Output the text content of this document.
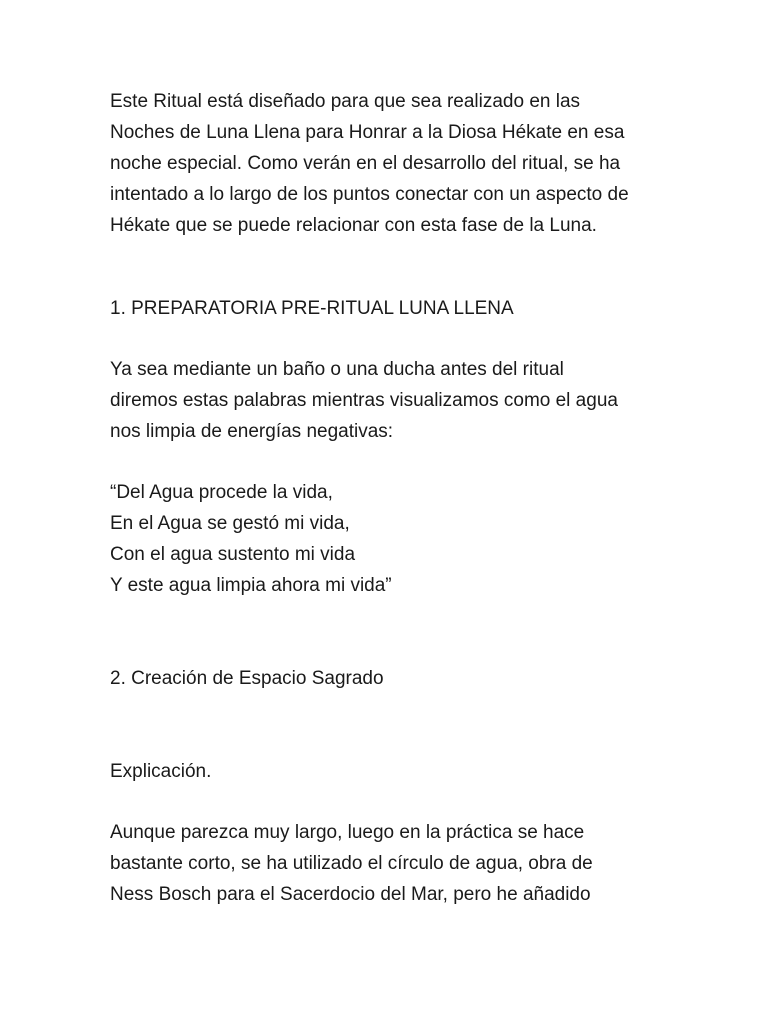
Este Ritual está diseñado para que sea realizado en las

Noches de Luna Llena para Honrar a la Diosa Hékate en esa

noche especial. Como verán en el desarrollo del ritual, se ha

intentado a lo largo de los puntos conectar con un aspecto de

Hékate que se puede relacionar con esta fase de la Luna.

1. PREPARATORIA PRE-RITUAL LUNA LLENA

Ya sea mediante un baño o una ducha antes del ritual

diremos estas palabras mientras visualizamos como el agua

nos limpia de energías negativas:

“Del Agua procede la vida,

En el Agua se gestó mi vida,

Con el agua sustento mi vida

Y este agua limpia ahora mi vida”

2. Creación de Espacio Sagrado

Explicación.

Aunque parezca muy largo, luego en la práctica se hace

bastante corto, se ha utilizado el círculo de agua, obra de

Ness Bosch para el Sacerdocio del Mar, pero he añadido
